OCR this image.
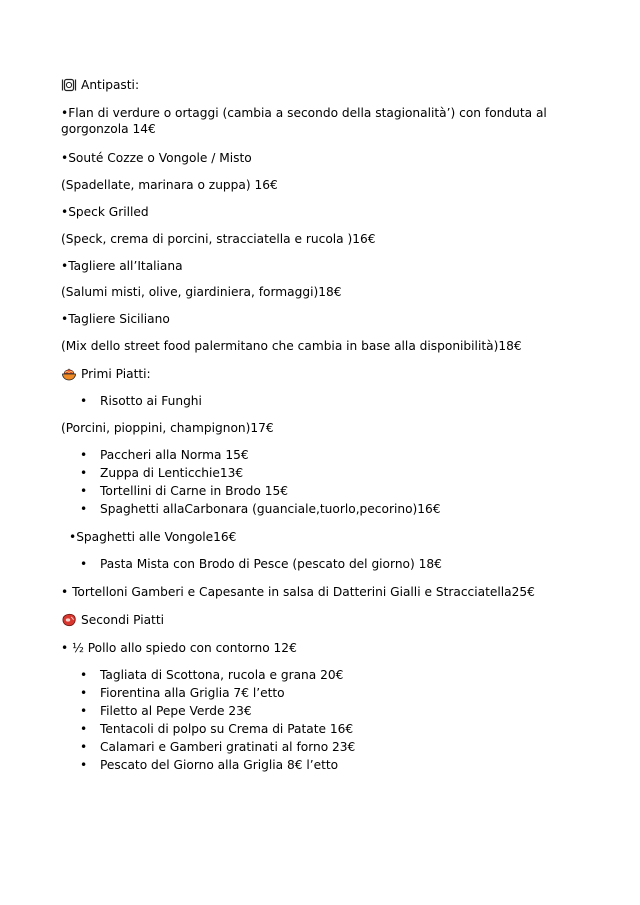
Antipasti:
•Flan di verdure o ortaggi (cambia a secondo della stagionalità’) con fonduta al gorgonzola 14€
•Souté Cozze o Vongole / Misto
(Spadellate, marinara o zuppa) 16€
•Speck Grilled
(Speck, crema di porcini, stracciatella e rucola )16€
•Tagliere all’Italiana
(Salumi misti, olive, giardiniera, formaggi)18€
•Tagliere Siciliano
(Mix dello street food palermitano che cambia in base alla disponibilità)18€
Primi Piatti:
Risotto ai Funghi
(Porcini, pioppini, champignon)17€
Paccheri alla Norma 15€
Zuppa di Lenticchie13€
Tortellini di Carne in Brodo 15€
Spaghetti allaCarbonara (guanciale,tuorlo,pecorino)16€
•Spaghetti alle Vongole16€
Pasta Mista con Brodo di Pesce (pescato del giorno) 18€
• Tortelloni Gamberi e Capesante in salsa di Datterini Gialli e Stracciatella25€
Secondi Piatti
• ½ Pollo allo spiedo con contorno 12€
Tagliata di Scottona, rucola e grana 20€
Fiorentina alla Griglia 7€ l’etto
Filetto al Pepe Verde 23€
Tentacoli di polpo su Crema di Patate 16€
Calamari e Gamberi gratinati al forno 23€
Pescato del Giorno alla Griglia 8€ l’etto
